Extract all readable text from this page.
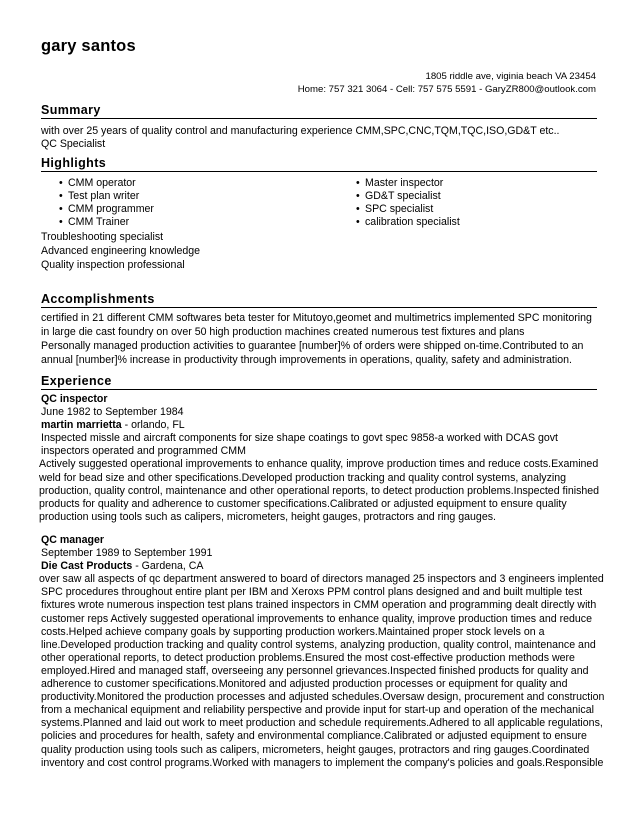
gary santos
1805 riddle ave, viginia beach VA 23454
Home: 757 321 3064 - Cell: 757 575 5591 - GaryZR800@outlook.com
Summary

with over 25 years of quality control and manufacturing experience CMM,SPC,CNC,TQM,TQC,ISO,GD&T etc..

QC Specialist

Highlights
• CMM operator
• Test plan writer
• CMM programmer
• CMM Trainer
• Master inspector
• GD&T specialist
• SPC specialist
• calibration specialist
Troubleshooting specialist
Advanced engineering knowledge
Quality inspection professional
Accomplishments

certified in 21 different CMM softwares beta tester for Mitutoyo,geomet and multimetrics implemented SPC monitoring

in large die cast foundry on over 50 high production machines created numerous test fixtures and plans

Personally managed production activities to guarantee [number]% of orders were shipped on-time.Contributed to an

annual [number]% increase in productivity through improvements in operations, quality, safety and administration.

Experience

QC inspector

June 1982 to September 1984

martin marrietta - orlando, FL

Inspected missle and aircraft components for size shape coatings to govt spec 9858-a worked with DCAS govt

inspectors operated and programmed CMM

Actively suggested operational improvements to enhance quality, improve production times and reduce costs.Examined

weld for bead size and other specifications.Developed production tracking and quality control systems, analyzing

production, quality control, maintenance and other operational reports, to detect production problems.Inspected finished

products for quality and adherence to customer specifications.Calibrated or adjusted equipment to ensure quality

production using tools such as calipers, micrometers, height gauges, protractors and ring gauges.

QC manager

September 1989 to September 1991

Die Cast Products - Gardena, CA

over saw all aspects of qc department answered to board of directors managed 25 inspectors and 3 engineers implented

SPC procedures throughout entire plant per IBM and Xeroxs PPM control plans designed and and built multiple test

fixtures wrote numerous inspection test plans trained inspectors in CMM operation and programming dealt directly with

customer reps Actively suggested operational improvements to enhance quality, improve production times and reduce

costs.Helped achieve company goals by supporting production workers.Maintained proper stock levels on a

line.Developed production tracking and quality control systems, analyzing production, quality control, maintenance and

other operational reports, to detect production problems.Ensured the most cost-effective production methods were

employed.Hired and managed staff, overseeing any personnel grievances.Inspected finished products for quality and

adherence to customer specifications.Monitored and adjusted production processes or equipment for quality and

productivity.Monitored the production processes and adjusted schedules.Oversaw design, procurement and construction

from a mechanical equipment and reliability perspective and provide input for start-up and operation of the mechanical

systems.Planned and laid out work to meet production and schedule requirements.Adhered to all applicable regulations,

policies and procedures for health, safety and environmental compliance.Calibrated or adjusted equipment to ensure

quality production using tools such as calipers, micrometers, height gauges, protractors and ring gauges.Coordinated

inventory and cost control programs.Worked with managers to implement the company's policies and goals.Responsible
